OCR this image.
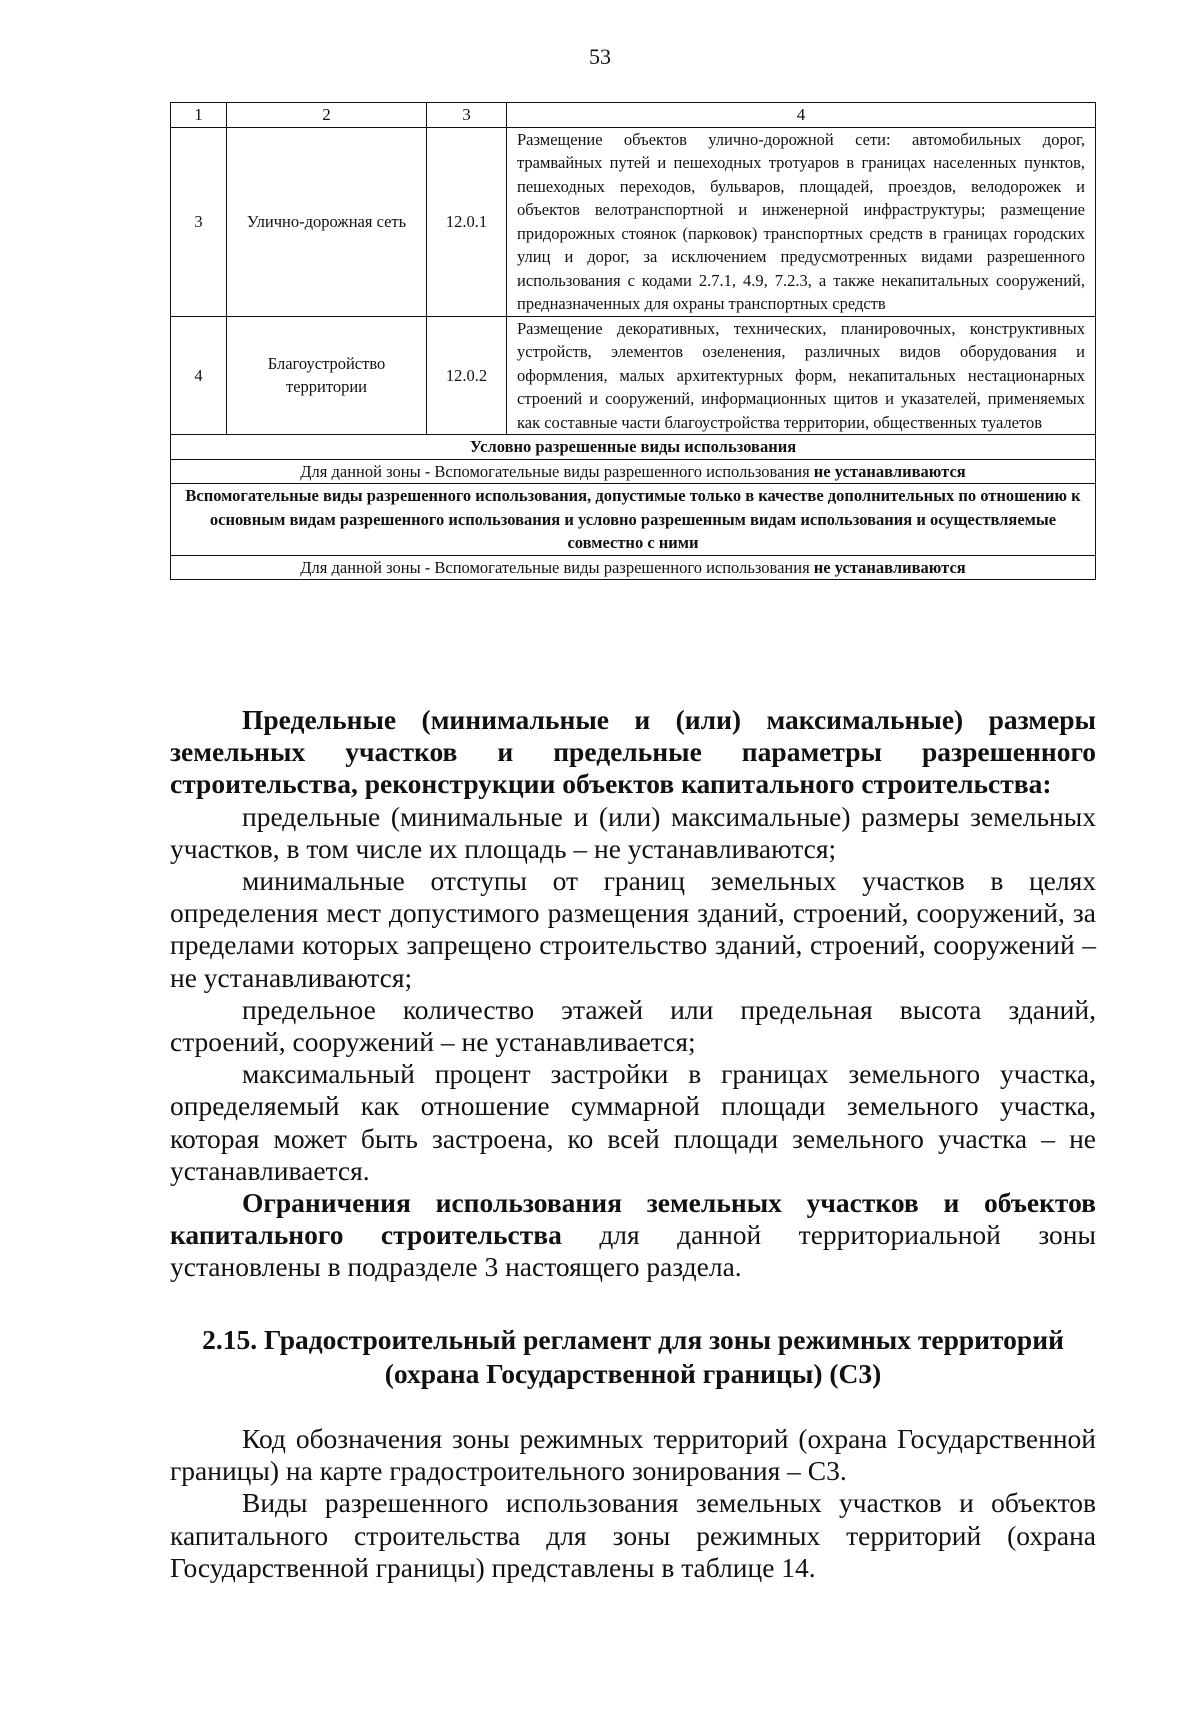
53
1	2	3	4
3	Улично-дорожная сеть	12.0.1	Размещение объектов улично-дорожной сети: автомобильных дорог, трамвайных путей и пешеходных тротуаров в границах населенных пунктов, пешеходных переходов, бульваров, площадей, проездов, велодорожек и объектов велотранспортной и инженерной инфраструктуры; размещение придорожных стоянок (парковок) транспортных средств в границах городских улиц и дорог, за исключением предусмотренных видами разрешенного использования с кодами 2.7.1, 4.9, 7.2.3, а также некапитальных сооружений, предназначенных для охраны транспортных средств
4	Благоустройство территории	12.0.2	Размещение декоративных, технических, планировочных, конструктивных устройств, элементов озеленения, различных видов оборудования и оформления, малых архитектурных форм, некапитальных нестационарных строений и сооружений, информационных щитов и указателей, применяемых как составные части благоустройства территории, общественных туалетов
Условно разрешенные виды использования			
Для данной зоны - Вспомогательные виды разрешенного использования не устанавливаются			
Вспомогательные виды разрешенного использования, допустимые только в качестве дополнительных по отношению к основным видам разрешенного использования и условно разрешенным видам использования и осуществляемые совместно с ними			
Для данной зоны - Вспомогательные виды разрешенного использования не устанавливаются			

Предельные (минимальные и (или) максимальные) размеры земельных участков и предельные параметры разрешенного строительства, реконструкции объектов капитального строительства:

предельные (минимальные и (или) максимальные) размеры земельных участков, в том числе их площадь – не устанавливаются;

минимальные отступы от границ земельных участков в целях определения мест допустимого размещения зданий, строений, сооружений, за пределами которых запрещено строительство зданий, строений, сооружений – не устанавливаются;

предельное количество этажей или предельная высота зданий, строений, сооружений – не устанавливается;

максимальный процент застройки в границах земельного участка, определяемый как отношение суммарной площади земельного участка, которая может быть застроена, ко всей площади земельного участка – не устанавливается.

Ограничения использования земельных участков и объектов капитального строительства для данной территориальной зоны установлены в подразделе 3 настоящего раздела.

2.15. Градостроительный регламент для зоны режимных территорий
(охрана Государственной границы) (С3)

Код обозначения зоны режимных территорий (охрана Государственной границы) на карте градостроительного зонирования – С3.

Виды разрешенного использования земельных участков и объектов капитального строительства для зоны режимных территорий (охрана Государственной границы) представлены в таблице 14.
